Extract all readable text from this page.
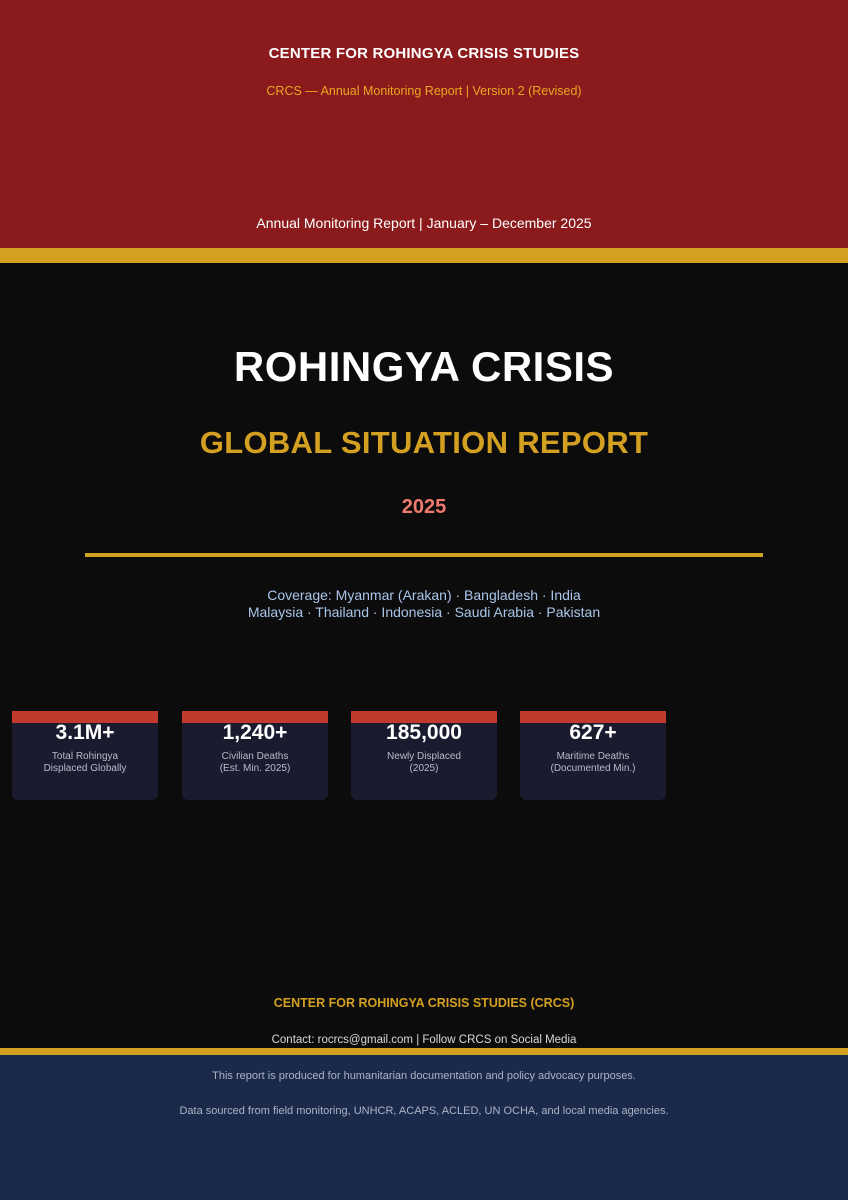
CENTER FOR ROHINGYA CRISIS STUDIES
CRCS — Annual Monitoring Report | Version 2 (Revised)
Annual Monitoring Report | January – December 2025
ROHINGYA CRISIS
GLOBAL SITUATION REPORT
2025
Coverage: Myanmar (Arakan) · Bangladesh · India
Malaysia · Thailand · Indonesia · Saudi Arabia · Pakistan
3.1M+
Total Rohingya
Displaced Globally
1,240+
Civilian Deaths
(Est. Min. 2025)
185,000
Newly Displaced
(2025)
627+
Maritime Deaths
(Documented Min.)
CENTER FOR ROHINGYA CRISIS STUDIES (CRCS)
Contact: rocrcs@gmail.com | Follow CRCS on Social Media
This report is produced for humanitarian documentation and policy advocacy purposes.
Data sourced from field monitoring, UNHCR, ACAPS, ACLED, UN OCHA, and local media agencies.
